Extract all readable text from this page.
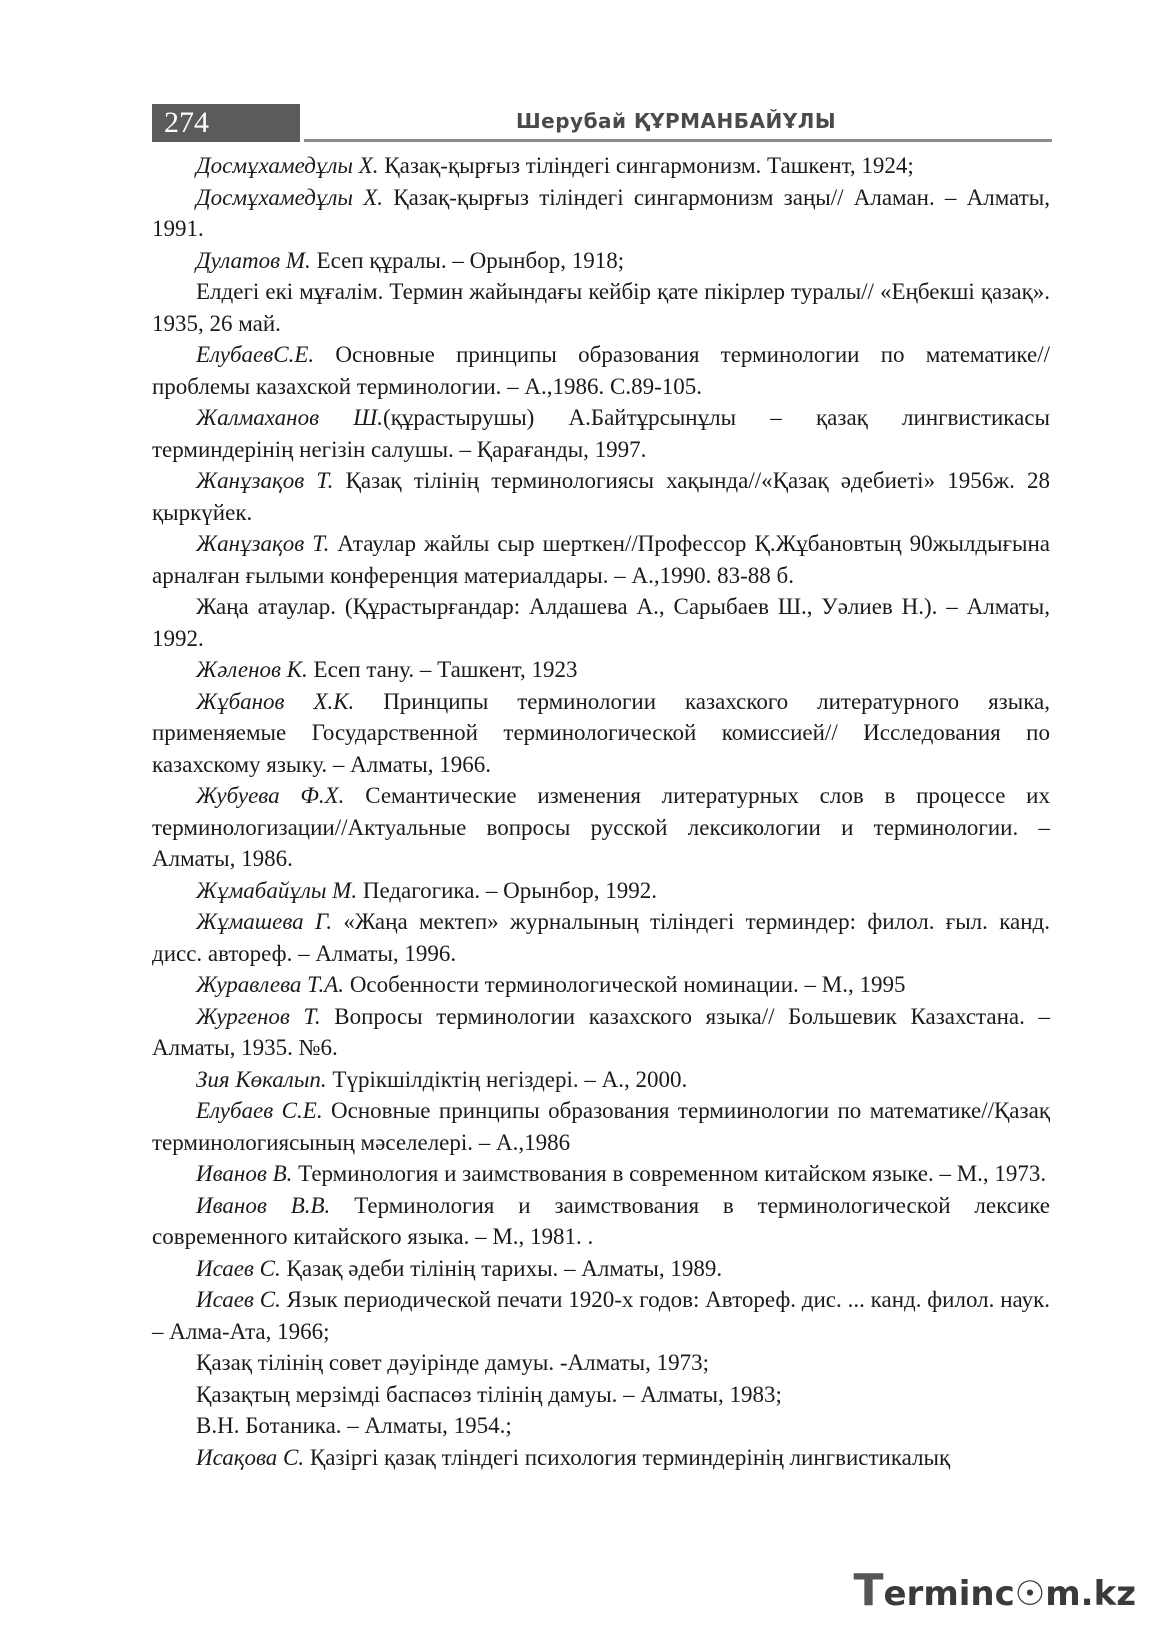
274	Шерубай ҚҰРМАНБАЙҰЛЫ

Досмұхамедұлы Х. Қазақ-қырғыз тіліндегі сингармонизм. Ташкент, 1924;

Досмұхамедұлы Х. Қазақ-қырғыз тіліндегі сингармонизм заңы// Аламан. – Алматы, 1991.

Дулатов М. Есеп құралы. – Орынбор, 1918;

Елдегі екі мұғалім. Термин жайындағы кейбір қате пікірлер туралы// «Еңбекші қазақ». 1935, 26 май.

ЕлубаевС.Е. Основные принципы образования терминологии по математике// проблемы казахской терминологии. – А.,1986. С.89-105.

Жалмаханов Ш.(құрастырушы) А.Байтұрсынұлы – қазақ лингвистикасы терминдерінің негізін салушы. – Қарағанды, 1997.

Жанұзақов Т. Қазақ тілінің терминологиясы хақында//«Қазақ әдебиеті» 1956ж. 28 қыркүйек.

Жанұзақов Т. Атаулар жайлы сыр шерткен//Профессор Қ.Жұбановтың 90жылдығына арналған ғылыми конференция материалдары. – А.,1990. 83-88 б.

Жаңа атаулар. (Құрастырғандар: Алдашева А., Сарыбаев Ш., Уәлиев Н.). – Алматы, 1992.

Жәленов К. Есеп тану. – Ташкент, 1923

Жұбанов Х.К. Принципы терминологии казахского литературного языка, применяемые Государственной терминологической комиссией// Исследования по казахскому языку. – Алматы, 1966.

Жубуева Ф.Х. Семантические изменения литературных слов в процессе их терминологизации//Актуальные вопросы русской лексикологии и терминологии. – Алматы, 1986.

Жұмабайұлы М. Педагогика. – Орынбор, 1992.

Жұмашева Г. «Жаңа мектеп» журналының тіліндегі терминдер: филол. ғыл. канд. дисс. автореф. – Алматы, 1996.

Журавлева Т.А. Особенности терминологической номинации. – М., 1995

Жургенов Т. Вопросы терминологии казахского языка// Большевик Казахстана. – Алматы, 1935. №6.

Зия Көкалып. Түрікшілдіктің негіздері. – А., 2000.

Елубаев С.Е. Основные принципы образования термиинологии по математике//Қазақ терминологиясының мәселелері. – А.,1986

Иванов В. Терминология и заимствования в современном китайском языке. – М., 1973.

Иванов В.В. Терминология и заимствования в терминологической лексике современного китайского языка. – М., 1981. .

Исаев С. Қазақ әдеби тілінің тарихы. – Алматы, 1989.

Исаев С. Язык периодической печати 1920-х годов: Автореф. дис. ... канд. филол. наук. – Алма-Ата, 1966;

Қазақ тілінің совет дәуірінде дамуы. -Алматы, 1973;

Қазақтың мерзімді баспасөз тілінің дамуы. – Алматы, 1983;

В.Н. Ботаника. – Алматы, 1954.;

Исақова С. Қазіргі қазақ тліндегі психология терминдерінің лингвистикалық

Terminc☉m.kz
